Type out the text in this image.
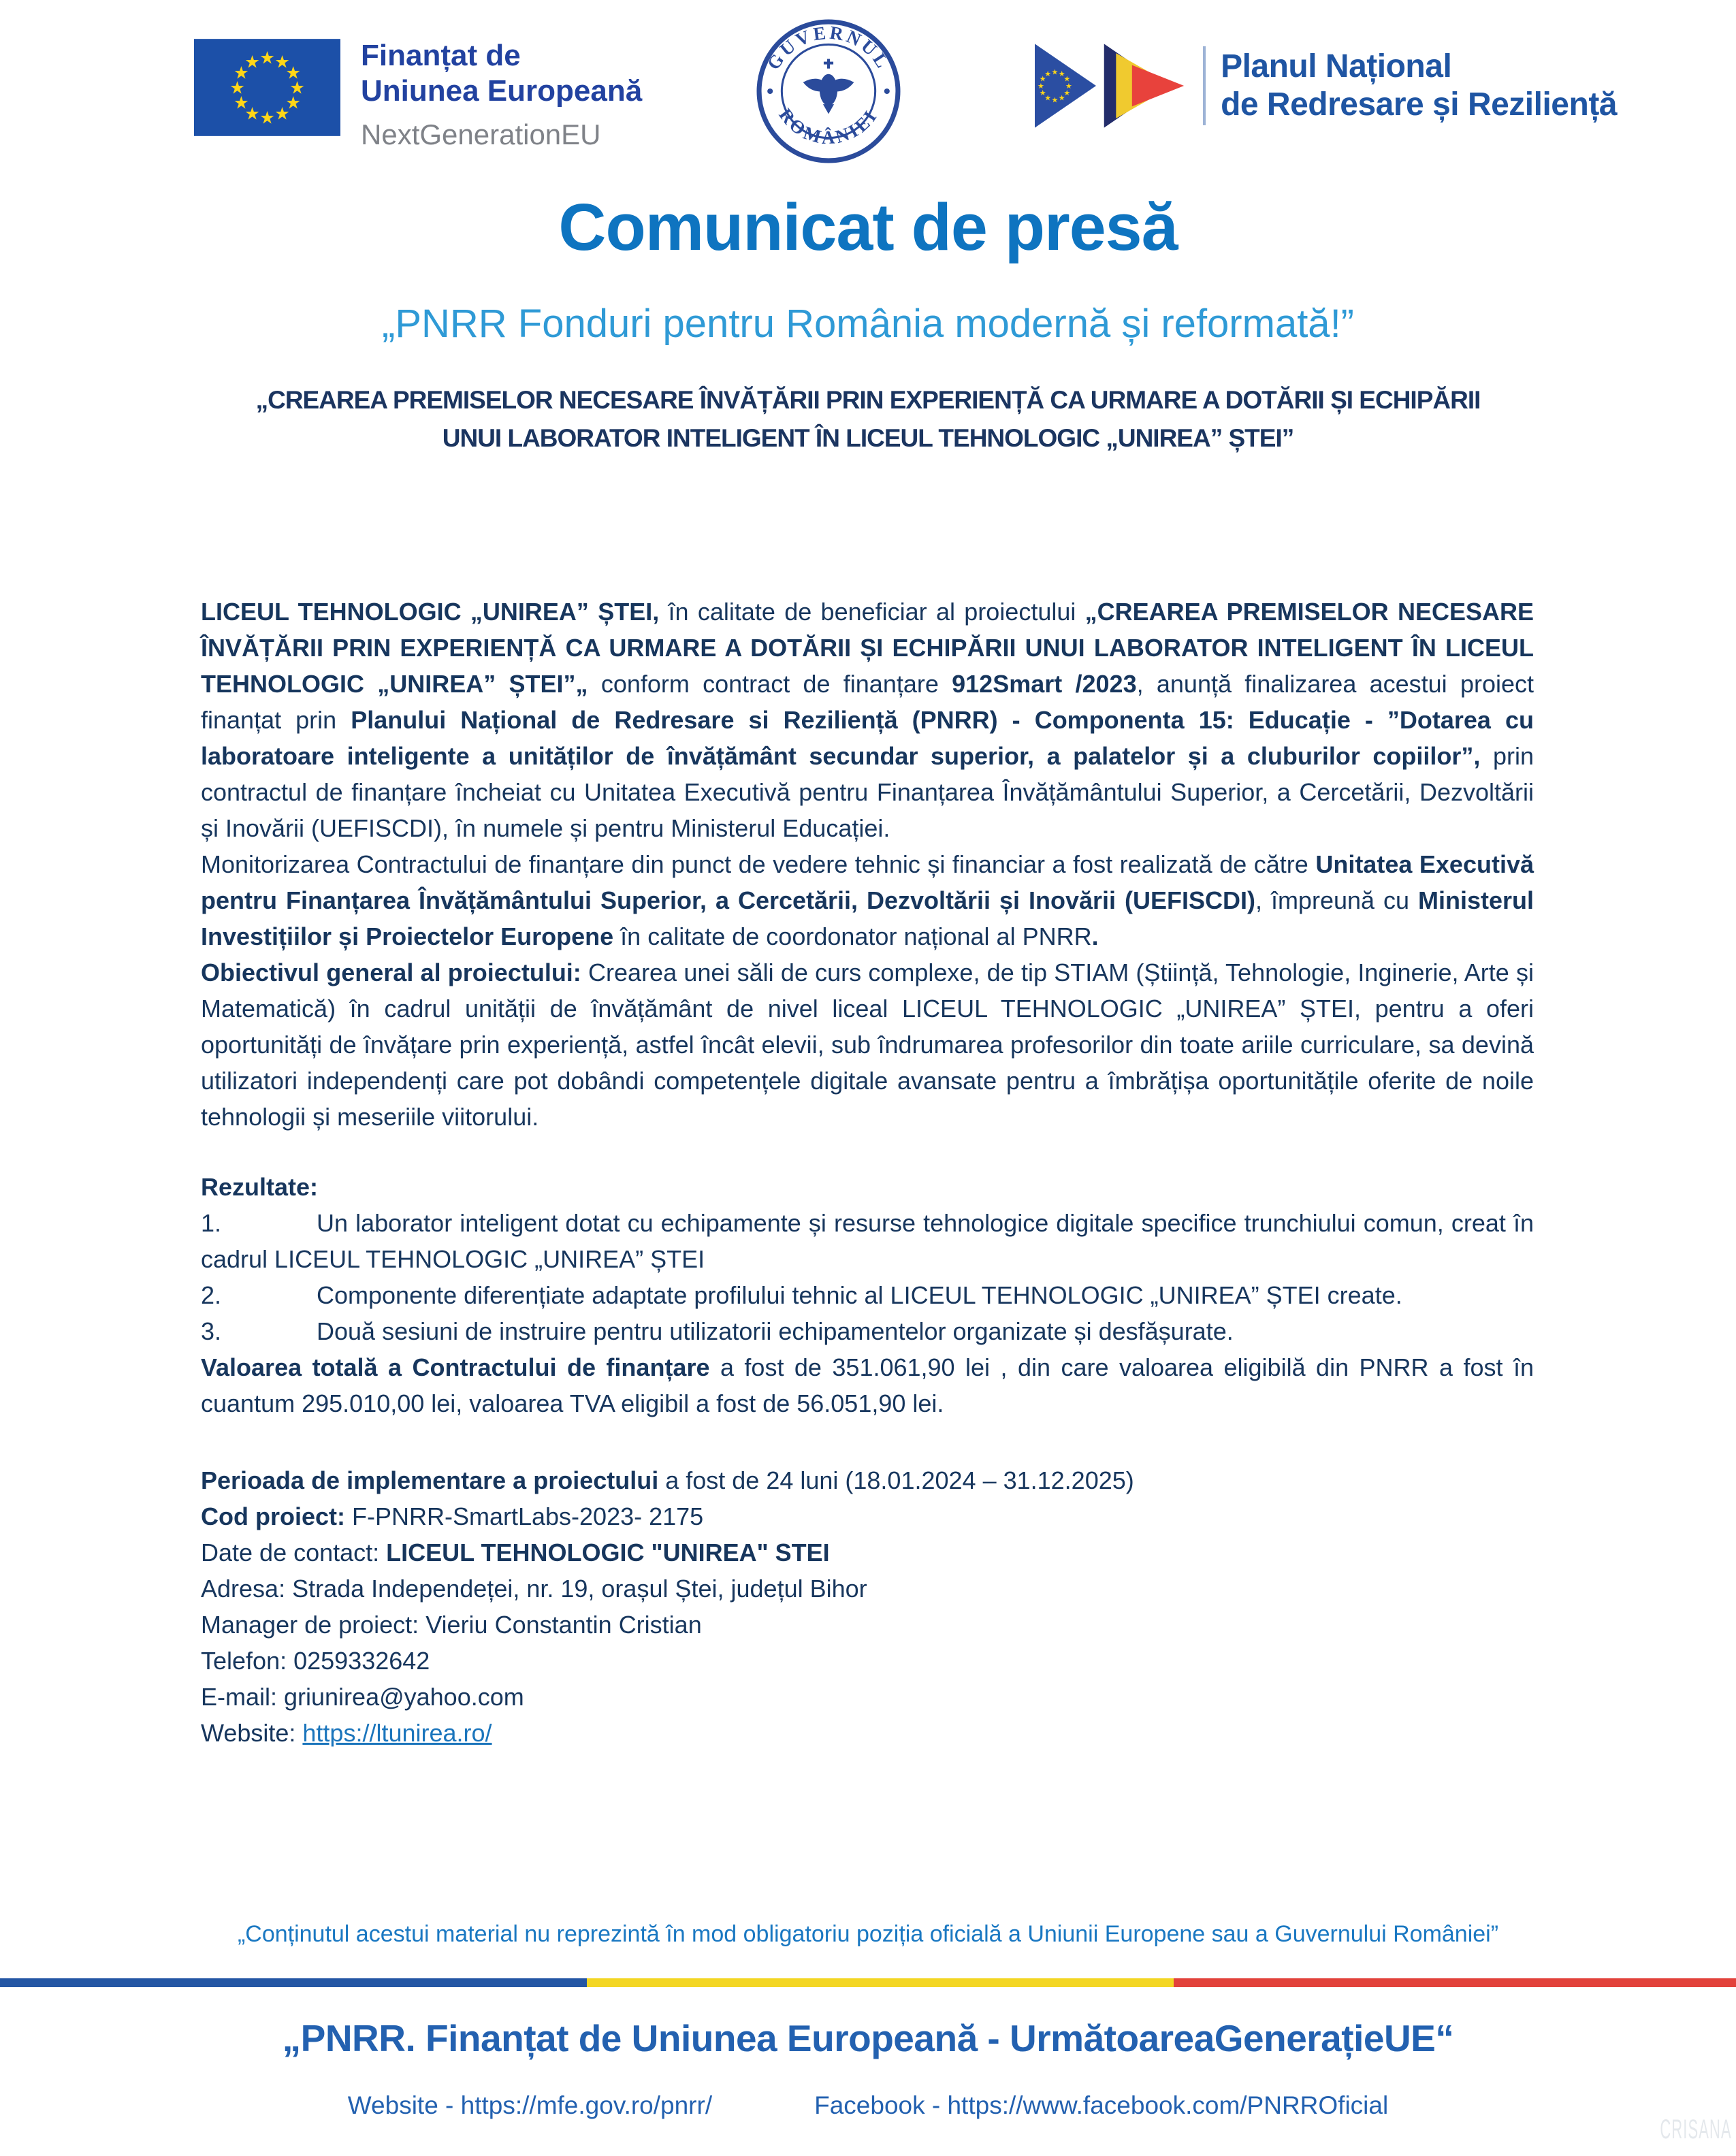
★ ★
★
★
★
★
★
★
★
★
★
★	Finanțat de
Uniunea Europeană
NextGenerationEU
GUVERNUL
ROMÂNIEI
★ ★
★
★
★
★
★
★
★
★
★
★	Planul Național
de Redresare și Reziliență
Comunicat de presă
„PNRR Fonduri pentru România modernă și reformată!”
„CREAREA PREMISELOR NECESARE ÎNVĂȚĂRII PRIN EXPERIENȚĂ CA URMARE A DOTĂRII ȘI ECHIPĂRII
UNUI LABORATOR INTELIGENT ÎN LICEUL TEHNOLOGIC „UNIREA” ȘTEI”

LICEUL TEHNOLOGIC „UNIREA” ȘTEI, în calitate de beneficiar al proiectului „CREAREA PREMISELOR NECESARE ÎNVĂȚĂRII PRIN EXPERIENȚĂ CA URMARE A DOTĂRII ȘI ECHIPĂRII UNUI LABORATOR INTELIGENT ÎN LICEUL TEHNOLOGIC „UNIREA” ȘTEI”„ conform contract de finanțare 912Smart /2023, anunță finalizarea acestui proiect finanțat prin Planului Național de Redresare si Reziliență (PNRR) - Componenta 15: Educație - ”Dotarea cu laboratoare inteligente a unităților de învățământ secundar superior, a palatelor și a cluburilor copiilor”, prin contractul de finanțare încheiat cu Unitatea Executivă pentru Finanțarea Învățământului Superior, a Cercetării, Dezvoltării și Inovării (UEFISCDI), în numele și pentru Ministerul Educației.

Monitorizarea Contractului de finanțare din punct de vedere tehnic și financiar a fost realizată de către Unitatea Executivă pentru Finanțarea Învățământului Superior, a Cercetării, Dezvoltării și Inovării (UEFISCDI), împreună cu Ministerul Investițiilor și Proiectelor Europene în calitate de coordonator național al PNRR.

Obiectivul general al proiectului: Crearea unei săli de curs complexe, de tip STIAM (Știință, Tehnologie, Inginerie, Arte și Matematică) în cadrul unității de învățământ de nivel liceal LICEUL TEHNOLOGIC „UNIREA” ȘTEI, pentru a oferi oportunități de învățare prin experiență, astfel încât elevii, sub îndrumarea profesorilor din toate ariile curriculare, sa devină utilizatori independenți care pot dobândi competențele digitale avansate pentru a îmbrățișa oportunitățile oferite de noile tehnologii și meseriile viitorului.

Rezultate:

1.	Un laborator inteligent dotat cu echipamente și resurse tehnologice digitale specifice trunchiului comun, creat în cadrul LICEUL TEHNOLOGIC „UNIREA” ȘTEI

2.	Componente diferențiate adaptate profilului tehnic al LICEUL TEHNOLOGIC „UNIREA” ȘTEI create.

3.	Două sesiuni de instruire pentru utilizatorii echipamentelor organizate și desfășurate.

Valoarea totală a Contractului de finanțare a fost de 351.061,90 lei , din care valoarea eligibilă din PNRR a fost în cuantum 295.010,00 lei, valoarea TVA eligibil a fost de 56.051,90 lei.

Perioada de implementare a proiectului a fost de 24 luni (18.01.2024 – 31.12.2025)

Cod proiect: F-PNRR-SmartLabs-2023- 2175

Date de contact: LICEUL TEHNOLOGIC "UNIREA" STEI

Adresa: Strada Independeței, nr. 19, orașul Ștei, județul Bihor

Manager de proiect: Vieriu Constantin Cristian

Telefon: 0259332642

E-mail: griunirea@yahoo.com

Website: https://ltunirea.ro/

„Conținutul acestui material nu reprezintă în mod obligatoriu poziția oficială a Uniunii Europene sau a Guvernului României”
„PNRR. Finanțat de Uniunea Europeană - UrmătoareaGenerațieUE“
Website - https://mfe.gov.ro/pnrr/	Facebook - https://www.facebook.com/PNRROficial
CRISANA
